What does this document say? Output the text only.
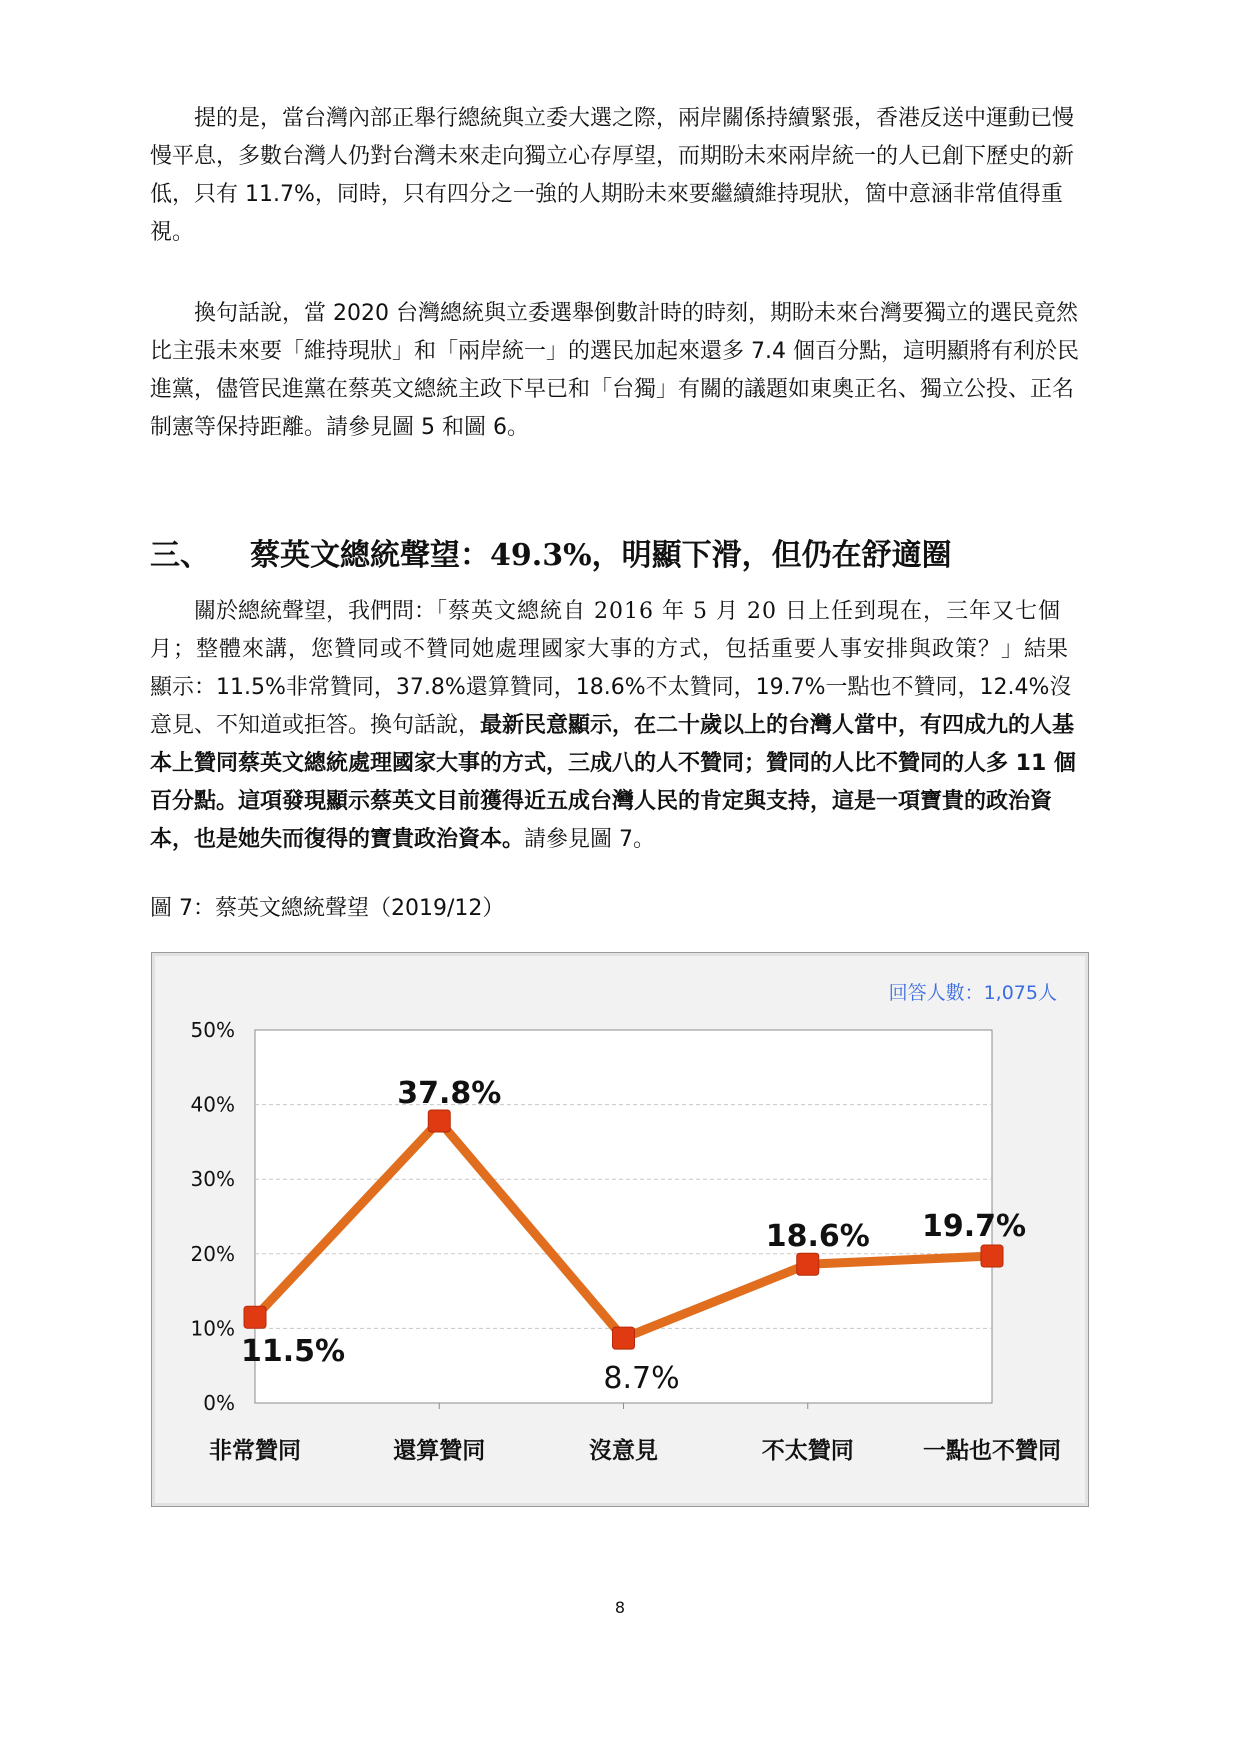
提的是，當台灣內部正舉行總統與立委大選之際，兩岸關係持續緊張，香港反送中運動已慢慢平息，多數台灣人仍對台灣未來走向獨立心存厚望，而期盼未來兩岸統一的人已創下歷史的新低，只有 11.7%，同時，只有四分之一強的人期盼未來要繼續維持現狀，箇中意涵非常值得重視。

換句話說，當 2020 台灣總統與立委選舉倒數計時的時刻，期盼未來台灣要獨立的選民竟然比主張未來要「維持現狀」和「兩岸統一」的選民加起來還多 7.4 個百分點，這明顯將有利於民進黨，儘管民進黨在蔡英文總統主政下早已和「台獨」有關的議題如東奧正名、獨立公投、正名制憲等保持距離。請參見圖 5 和圖 6。

三、 蔡英文總統聲望：49.3%，明顯下滑，但仍在舒適圈

關於總統聲望，我們問：「蔡英文總統自 2016 年 5 月 20 日上任到現在，三年又七個月；整體來講，您贊同或不贊同她處理國家大事的方式，包括重要人事安排與政策？」結果顯示：11.5%非常贊同，37.8%還算贊同，18.6%不太贊同，19.7%一點也不贊同，12.4%沒意見、不知道或拒答。換句話說，最新民意顯示，在二十歲以上的台灣人當中，有四成九的人基本上贊同蔡英文總統處理國家大事的方式，三成八的人不贊同；贊同的人比不贊同的人多 11 個百分點。這項發現顯示蔡英文目前獲得近五成台灣人民的肯定與支持，這是一項寶貴的政治資本，也是她失而復得的寶貴政治資本。請參見圖 7。

圖 7：蔡英文總統聲望（2019/12）

0%
10%
20%
30%
40%
50%
非常贊同	還算贊同	沒意見	不太贊同	一點也不贊同
11.5%
37.8%
8.7%
18.6% 19.7%
回答人數：1,075人

8
